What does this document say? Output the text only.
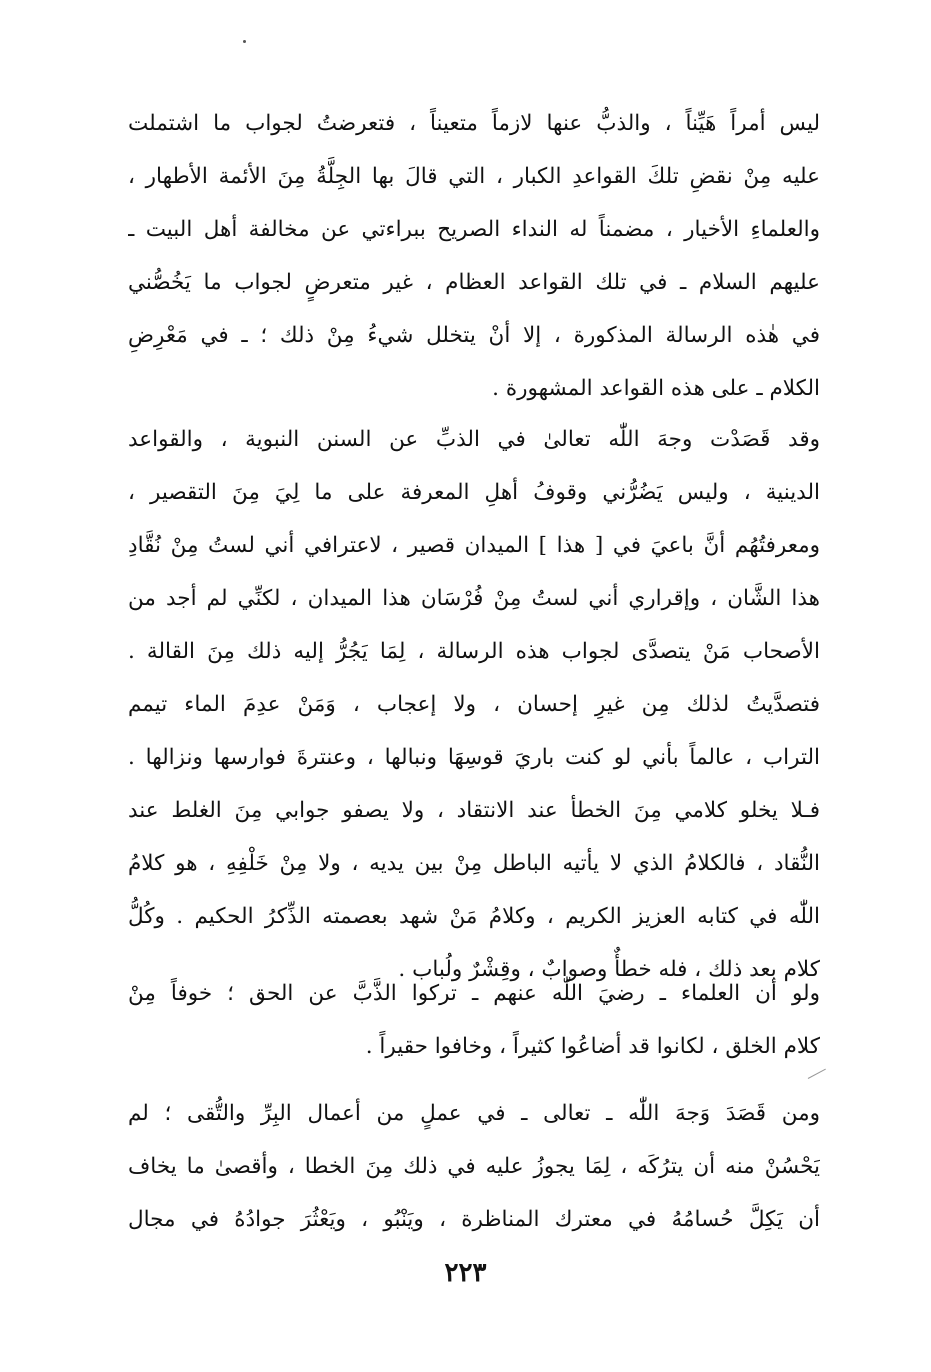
ليس أمراً هَيِّناً ، والذبُّ عنها لازماً متعيناً ، فتعرضتُ لجواب ما اشتملت
عليه مِنْ نقضِ تلكَ القواعدِ الكبار ، التي قالَ بها الجِلَّةُ مِنَ الأئمة الأطهار ،
والعلماءِ الأخيار ، مضمناً له النداء الصريح ببراءتي عن مخالفة أهل البيت ـ
عليهم السلام ـ في تلك القواعد العظام ، غير متعرضٍ لجواب ما يَخُصُّني
في هٰذه الرسالة المذكورة ، إلا أنْ يتخلل شيءُ مِنْ ذلك ؛ ـ في مَعْرِضِ
الكلام ـ على هذه القواعد المشهورة .
وقد قَصَدْت وجهَ اللّٰه تعالىٰ في الذبِّ عن السنن النبوية ، والقواعد
الدينية ، وليس يَضُرُّني وقوفُ أهلِ المعرفة على ما لِيَ مِنَ التقصير ،
ومعرفتُهُم أنَّ باعيَ في [ هذا ] الميدان قصير ، لاعترافي أني لستُ مِنْ نُقَّادِ
هذا الشَّان ، وإقراري أني لستُ مِنْ فُرْسَان هذا الميدان ، لكنِّي لم أجد من
الأصحاب مَنْ يتصدَّى لجواب هذه الرسالة ، لِمَا يَجُرُّ إليه ذلك مِنَ القالة .
فتصدَّيتُ لذلك مِن غيرِ إحسان ، ولا إعجاب ، وَمَنْ عدِمَ الماء تيمم
التراب ، عالماً بأني لو كنت باريَ قوسِهَا ونبالها ، وعنترةَ فوارسها ونزالها .
فـلا يخلو كلامي مِنَ الخطأ عند الانتقاد ، ولا يصفو جوابي مِنَ الغلط عند
النُّقاد ، فالكلامُ الذي لا يأتيه الباطل مِنْ بين يديه ، ولا مِنْ خَلْفِهِ ، هو كلامُ
اللّٰه في كتابه العزيز الكريم ، وكلامُ مَنْ شهد بعصمته الذِّكرُ الحكيم . وكُلُّ
كلام بعد ذلك ، فله خطأٌ وصوابٌ ، وقِشْرٌ ولُباب .
ولو أن العلماء ـ رضيَ اللّٰه عنهم ـ تركوا الذَّبَّ عن الحق ؛ خوفاً مِنْ
كلام الخلق ، لكانوا قد أضاعُوا كثيراً ، وخافوا حقيراً .
ومن قَصَدَ وَجهَ اللّٰه ـ تعالى ـ في عملٍ من أعمال البِرِّ والتُّقى ؛ لم
يَحْسُنْ منه أن يترُكَه ، لِمَا يجوزُ عليه في ذلك مِنَ الخطا ، وأقصىٰ ما يخاف
أن يَكِلَّ حُسامُهُ في معترك المناظرة ، ويَنْبُو ، ويَعْثُرَ جوادُهُ في مجال
٢٢٣
